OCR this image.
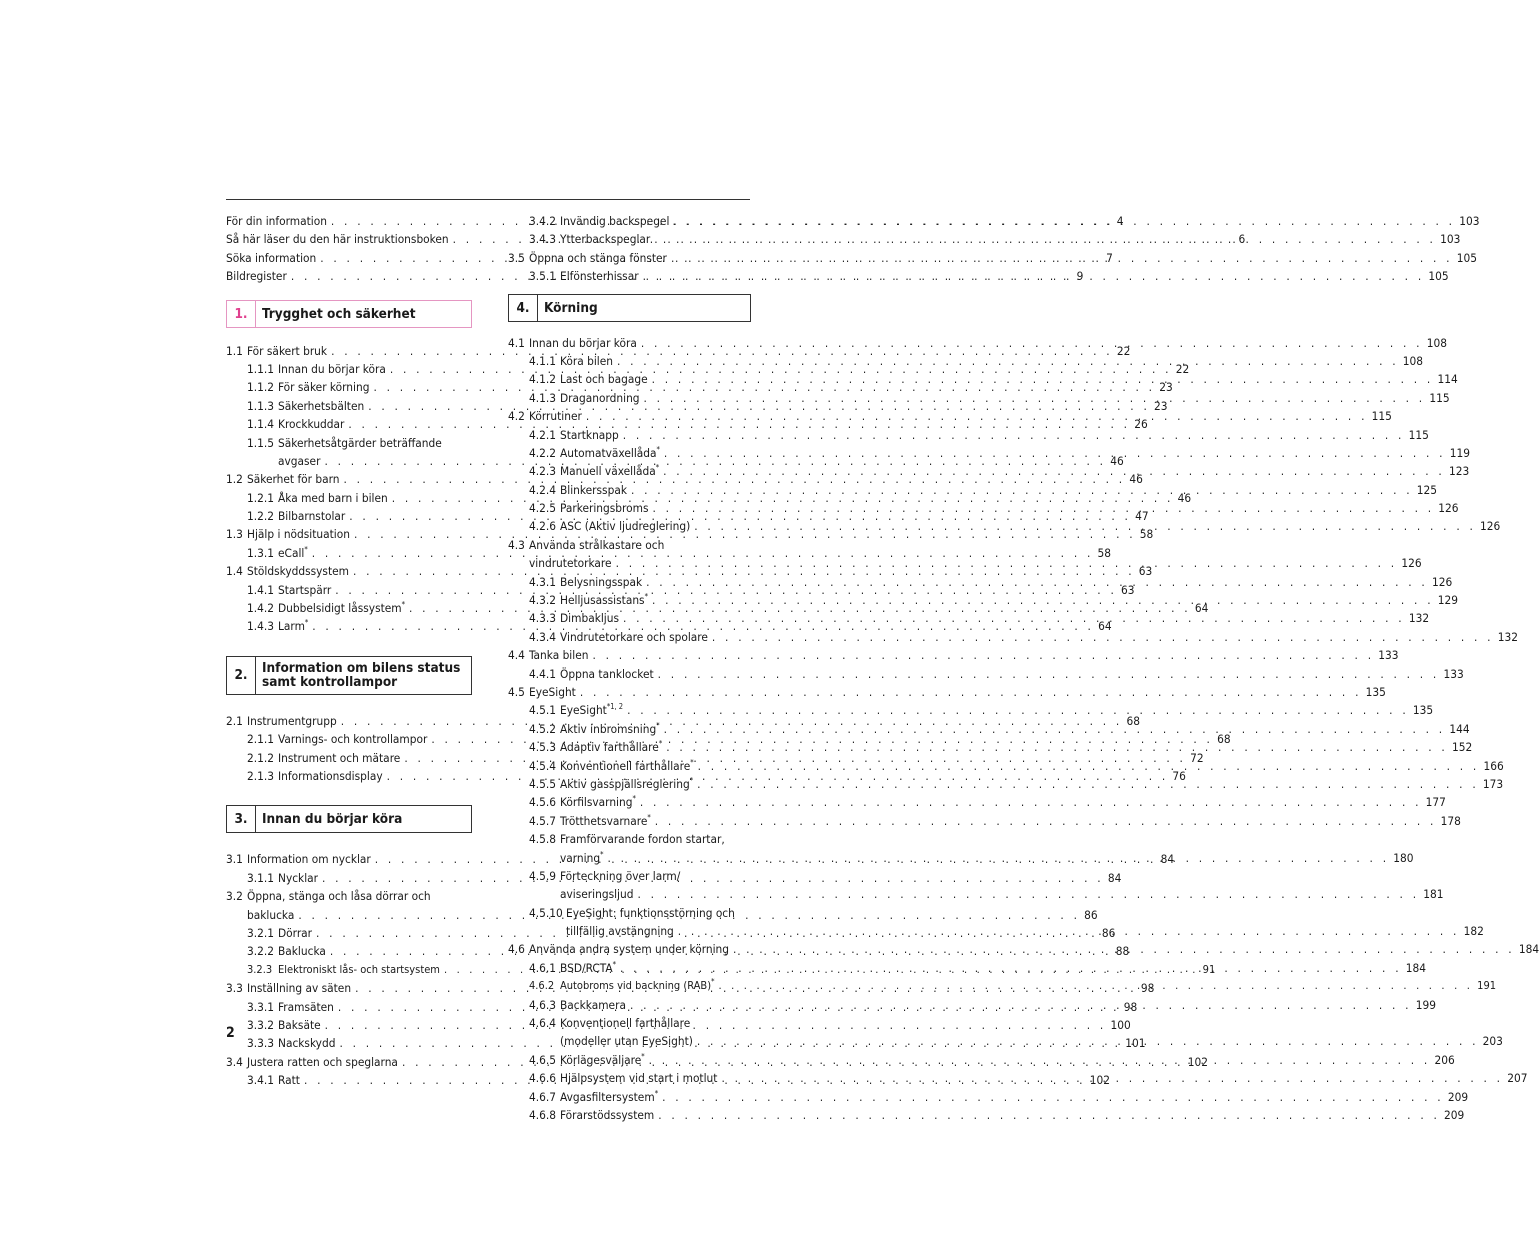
För din information . . .	4
Så här läser du den här instruktionsboken . . .	6
Söka information . . .	7
Bildregister . . .	9
1.	Trygghet och säkerhet
1.1 För säkert bruk . . .	22
1.1.1 Innan du börjar köra . . .	22
1.1.2 För säker körning . . .	23
1.1.3 Säkerhetsbälten . . .	23
1.1.4 Krockkuddar . . .	26
1.1.5 Säkerhetsåtgärder beträffande
avgaser . . .	46
1.2 Säkerhet för barn . . .	46
1.2.1 Åka med barn i bilen . . .	46
1.2.2 Bilbarnstolar . . .	47
1.3 Hjälp i nödsituation . . .	58
1.3.1 eCall* . . .	58
1.4 Stöldskyddssystem . . .	63
1.4.1 Startspärr . . .	63
1.4.2 Dubbelsidigt låssystem* . . .	64
1.4.3 Larm* . . .	64
2.	Information om bilens status
samt kontrollampor
2.1 Instrumentgrupp . . .	68
2.1.1 Varnings- och kontrollampor . . .	68
2.1.2 Instrument och mätare . . .	72
2.1.3 Informationsdisplay . . .	76
3.	Innan du börjar köra
3.1 Information om nycklar . . .	84
3.1.1 Nycklar . . .	84
3.2 Öppna, stänga och låsa dörrar och
baklucka . . .	86
3.2.1 Dörrar . . .	86
3.2.2 Baklucka . . .	88
3.2.3 Elektroniskt lås- och startsystem . . .	91
3.3 Inställning av säten . . .	98
3.3.1 Framsäten . . .	98
3.3.2 Baksäte . . .	100
3.3.3 Nackskydd . . .	101
3.4 Justera ratten och speglarna . . .	102
3.4.1 Ratt . . .	102
3.4.2 Invändig backspegel . . .	103
3.4.3 Ytterbackspeglar . . .	103
3.5 Öppna och stänga fönster . . .	105
3.5.1 Elfönsterhissar . . .	105
4.	Körning
4.1 Innan du börjar köra . . .	108
4.1.1 Köra bilen . . .	108
4.1.2 Last och bagage . . .	114
4.1.3 Draganordning . . .	115
4.2 Körrutiner . . .	115
4.2.1 Startknapp . . .	115
4.2.2 Automatväxellåda* . . .	119
4.2.3 Manuell växellåda* . . .	123
4.2.4 Blinkersspak . . .	125
4.2.5 Parkeringsbroms . . .	126
4.2.6 ASC (Aktiv ljudreglering) . . .	126
4.3 Använda strålkastare och
vindrutetorkare . . .	126
4.3.1 Belysningsspak . . .	126
4.3.2 Helljusassistans* . . .	129
4.3.3 Dimbakljus . . .	132
4.3.4 Vindrutetorkare och spolare . . .	132
4.4 Tanka bilen . . .	133
4.4.1 Öppna tanklocket . . .	133
4.5 EyeSight . . .	135
4.5.1 EyeSight$^{*1, 2}$ . . .	135
4.5.2 Aktiv inbromsning* . . .	144
4.5.3 Adaptiv farthållare* . . .	152
4.5.4 Konventionell farthållare* . . .	166
4.5.5 Aktiv gasspjällsreglering* . . .	173
4.5.6 Körfilsvarning* . . .	177
4.5.7 Trötthetsvarnare* . . .	178
4.5.8 Framförvarande fordon startar,
varning* . . .	180
4.5.9 Förteckning över larm/
aviseringsljud . . .	181
4.5.10 EyeSight: funktionsstörning och
tillfällig avstängning . . .	182
4.6 Använda andra system under körning . . .	184
4.6.1 BSD/RCTA* . . .	184
4.6.2 Autobroms vid backning (RAB)* . . .	191
4.6.3 Backkamera . . .	199
4.6.4 Konventionell farthållare
(modeller utan EyeSight) . . .	203
4.6.5 Körlägesväljare* . . .	206
4.6.6 Hjälpsystem vid start i motlut . . .	207
4.6.7 Avgasfiltersystem* . . .	209
4.6.8 Förarstödssystem . . .	209
2
